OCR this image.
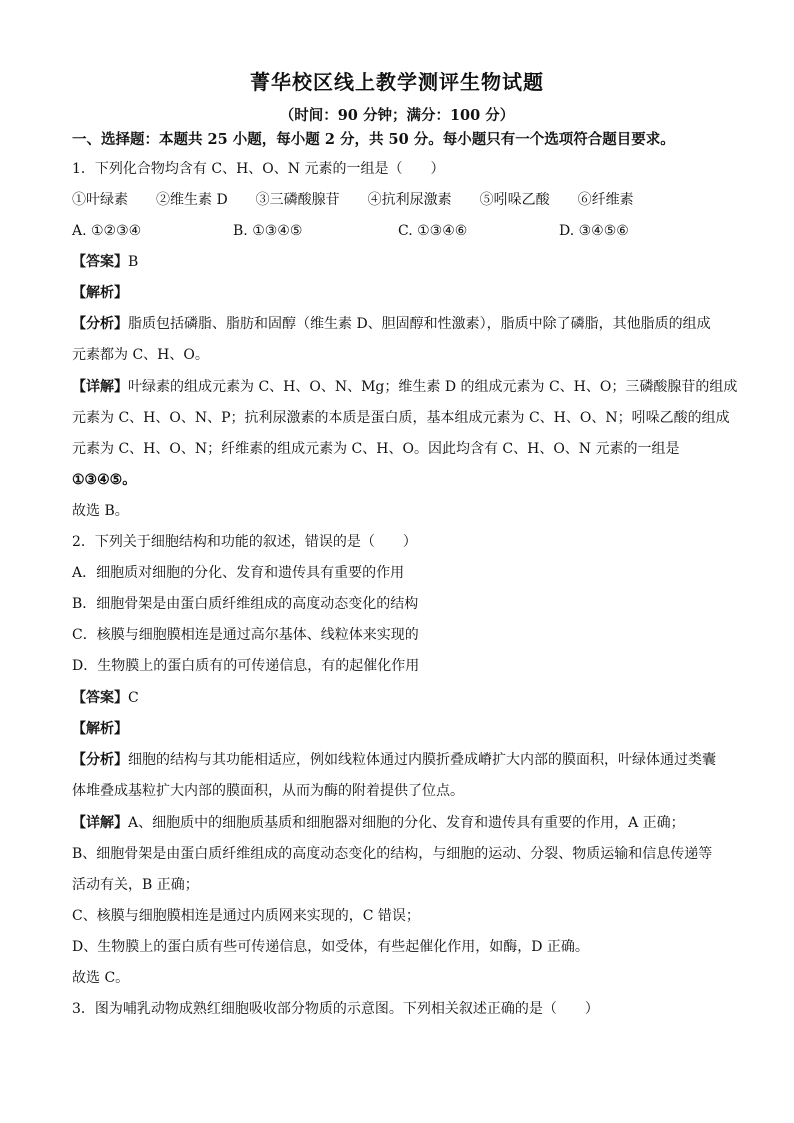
菁华校区线上教学测评生物试题
（时间：90 分钟；满分：100 分）
一、选择题：本题共 25 小题，每小题 2 分，共 50 分。每小题只有一个选项符合题目要求。
1．下列化合物均含有 C、H、O、N 元素的一组是（　　）
①叶绿素　　②维生素 D　　③三磷酸腺苷　　④抗利尿激素　　⑤吲哚乙酸　　⑥纤维素
A. ①②③④	B. ①③④⑤	C. ①③④⑥	D. ③④⑤⑥
【答案】B
【解析】
【分析】脂质包括磷脂、脂肪和固醇（维生素 D、胆固醇和性激素），脂质中除了磷脂，其他脂质的组成
元素都为 C、H、O。
【详解】叶绿素的组成元素为 C、H、O、N、Mg；维生素 D 的组成元素为 C、H、O；三磷酸腺苷的组成
元素为 C、H、O、N、P；抗利尿激素的本质是蛋白质，基本组成元素为 C、H、O、N；吲哚乙酸的组成
元素为 C、H、O、N；纤维素的组成元素为 C、H、O。因此均含有 C、H、O、N 元素的一组是
①③④⑤。
故选 B。
2．下列关于细胞结构和功能的叙述，错误的是（　　）
A．细胞质对细胞的分化、发育和遗传具有重要的作用
B．细胞骨架是由蛋白质纤维组成的高度动态变化的结构
C．核膜与细胞膜相连是通过高尔基体、线粒体来实现的
D．生物膜上的蛋白质有的可传递信息，有的起催化作用
【答案】C
【解析】
【分析】细胞的结构与其功能相适应，例如线粒体通过内膜折叠成嵴扩大内部的膜面积，叶绿体通过类囊
体堆叠成基粒扩大内部的膜面积，从而为酶的附着提供了位点。
【详解】A、细胞质中的细胞质基质和细胞器对细胞的分化、发育和遗传具有重要的作用，A 正确；
B、细胞骨架是由蛋白质纤维组成的高度动态变化的结构，与细胞的运动、分裂、物质运输和信息传递等
活动有关，B 正确；
C、核膜与细胞膜相连是通过内质网来实现的，C 错误；
D、生物膜上的蛋白质有些可传递信息，如受体，有些起催化作用，如酶，D 正确。
故选 C。
3．图为哺乳动物成熟红细胞吸收部分物质的示意图。下列相关叙述正确的是（　　）
